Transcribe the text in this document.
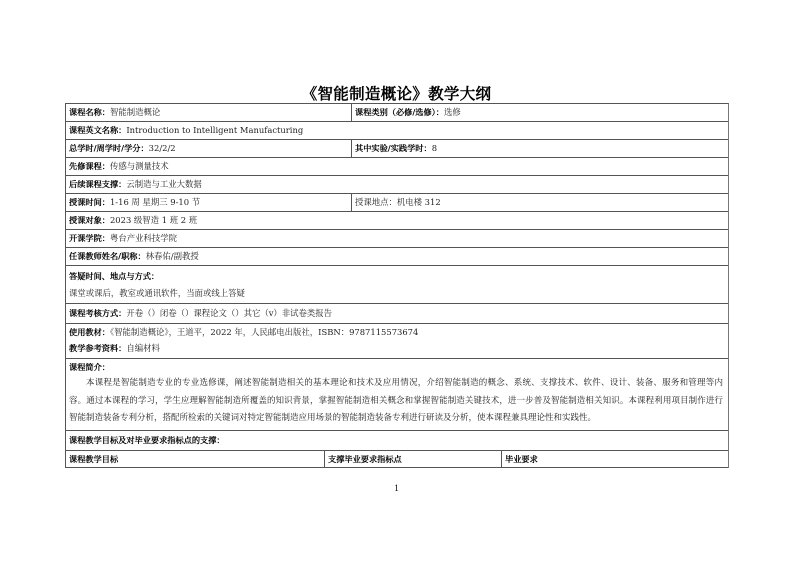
《智能制造概论》教学大纲
课程名称：智能制造概论	课程类别（必修/选修）：选修
课程英文名称：Introduction to Intelligent Manufacturing
总学时/周学时/学分：32/2/2	其中实验/实践学时：8
先修课程：传感与测量技术
后续课程支撑：云制造与工业大数据
授课时间：1-16 周 星期三 9-10 节	授课地点：机电楼 312
授课对象：2023 级智造 1 班 2 班
开课学院：粤台产业科技学院
任课教师姓名/职称：林春佑/副教授
答疑时间、地点与方式：
课堂或课后，教室或通讯软件，当面或线上答疑
课程考核方式：开卷（）闭卷（）课程论文（）其它（v）非试卷类报告
使用教材：《智能制造概论》，王道平，2022 年，人民邮电出版社，ISBN：9787115573674
教学参考资料：自编材料
课程简介：

本课程是智能制造专业的专业选修课，阐述智能制造相关的基本理论和技术及应用情况，介绍智能制造的概念、系统、支撑技术、软件、设计、装备、服务和管理等内容。通过本课程的学习，学生应理解智能制造所覆盖的知识背景，掌握智能制造相关概念和掌握智能制造关键技术，进一步普及智能制造相关知识。本课程利用项目制作进行智能制造装备专利分析，搭配所检索的关键词对特定智能制造应用场景的智能制造装备专利进行研读及分析，使本课程兼具理论性和实践性。

课程教学目标及对毕业要求指标点的支撑：
课程教学目标	支撑毕业要求指标点	毕业要求
1
